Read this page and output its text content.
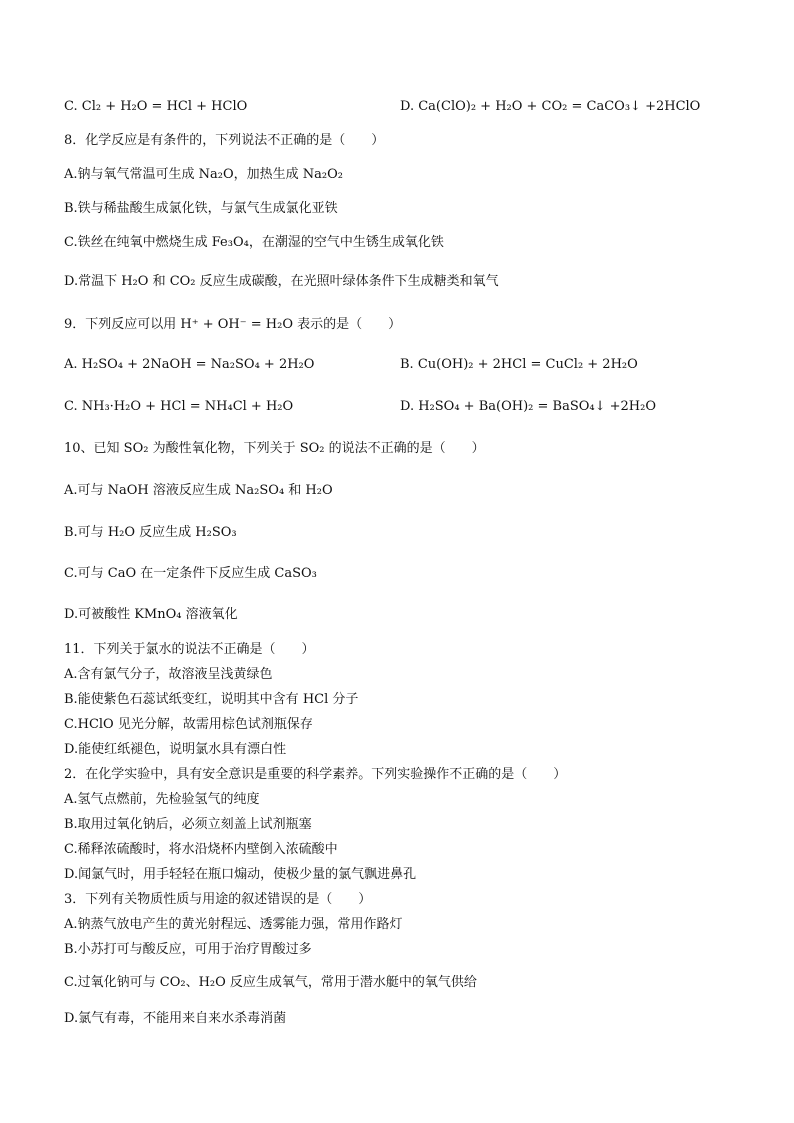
C. Cl₂ + H₂O = HCl + HClO	D. Ca(ClO)₂ + H₂O + CO₂ = CaCO₃↓ +2HClO
8．化学反应是有条件的，下列说法不正确的是（　　）
A.钠与氧气常温可生成 Na₂O，加热生成 Na₂O₂
B.铁与稀盐酸生成氯化铁，与氯气生成氯化亚铁
C.铁丝在纯氧中燃烧生成 Fe₃O₄，在潮湿的空气中生锈生成氧化铁
D.常温下 H₂O 和 CO₂ 反应生成碳酸，在光照叶绿体条件下生成糖类和氧气
9．下列反应可以用 H⁺ + OH⁻ = H₂O 表示的是（　　）
A. H₂SO₄ + 2NaOH = Na₂SO₄ + 2H₂O	B. Cu(OH)₂ + 2HCl = CuCl₂ + 2H₂O
C. NH₃·H₂O + HCl = NH₄Cl + H₂O	D. H₂SO₄ + Ba(OH)₂ = BaSO₄↓ +2H₂O
10、已知 SO₂ 为酸性氧化物，下列关于 SO₂ 的说法不正确的是（　　）
A.可与 NaOH 溶液反应生成 Na₂SO₄ 和 H₂O
B.可与 H₂O 反应生成 H₂SO₃
C.可与 CaO 在一定条件下反应生成 CaSO₃
D.可被酸性 KMnO₄ 溶液氧化
11．下列关于氯水的说法不正确是（　　）
A.含有氯气分子，故溶液呈浅黄绿色
B.能使紫色石蕊试纸变红，说明其中含有 HCl 分子
C.HClO 见光分解，故需用棕色试剂瓶保存
D.能使红纸褪色，说明氯水具有漂白性
2．在化学实验中，具有安全意识是重要的科学素养。下列实验操作不正确的是（　　）
A.氢气点燃前，先检验氢气的纯度
B.取用过氧化钠后，必须立刻盖上试剂瓶塞
C.稀释浓硫酸时，将水沿烧杯内壁倒入浓硫酸中
D.闻氯气时，用手轻轻在瓶口煽动，使极少量的氯气飘进鼻孔
3．下列有关物质性质与用途的叙述错误的是（　　）
A.钠蒸气放电产生的黄光射程远、透雾能力强，常用作路灯
B.小苏打可与酸反应，可用于治疗胃酸过多
C.过氧化钠可与 CO₂、H₂O 反应生成氧气，常用于潜水艇中的氧气供给
D.氯气有毒，不能用来自来水杀毒消菌
